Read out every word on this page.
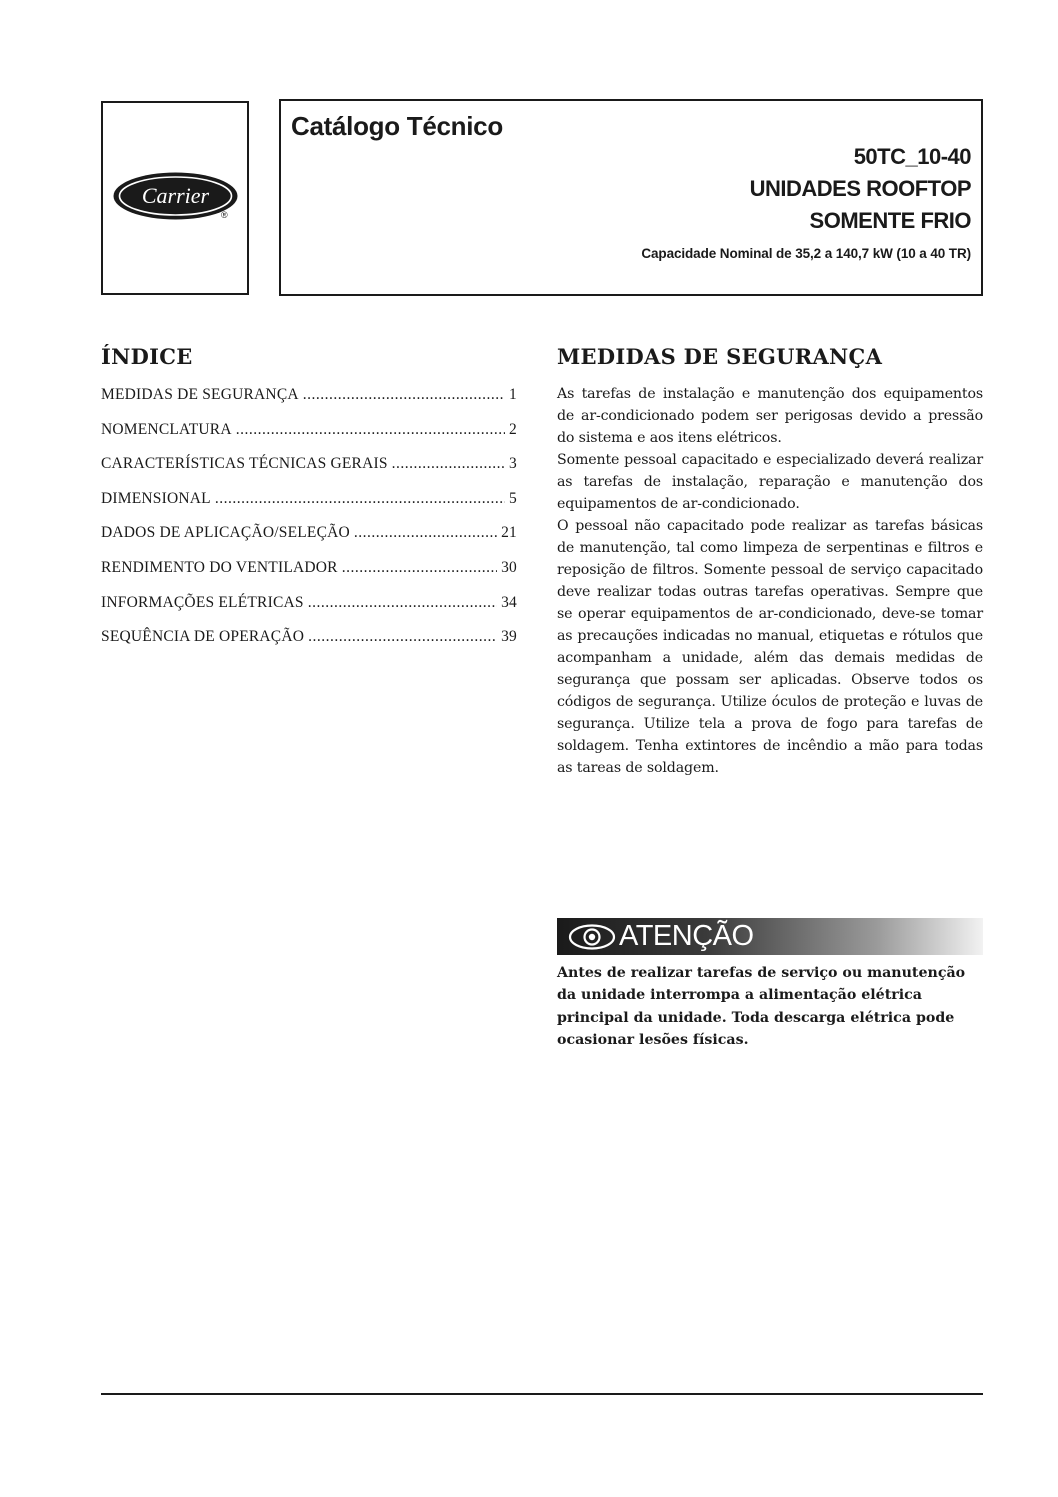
Carrier
®
Catálogo Técnico
50TC_10-40
UNIDADES ROOFTOP
SOMENTE FRIO
Capacidade Nominal de 35,2 a 140,7 kW (10 a 40 TR)
ÍNDICE
MEDIDAS DE SEGURANÇA .....	1
NOMENCLATURA .....	2
CARACTERÍSTICAS TÉCNICAS GERAIS .....	3
DIMENSIONAL .....	5
DADOS DE APLICAÇÃO/SELEÇÃO .....	21
RENDIMENTO DO VENTILADOR .....	30
INFORMAÇÕES ELÉTRICAS .....	34
SEQUÊNCIA DE OPERAÇÃO .....	39
MEDIDAS DE SEGURANÇA

As tarefas de instalação e manutenção dos equipamentos de ar-condicionado podem ser perigosas devido a pressão do sistema e aos itens elétricos.

Somente pessoal capacitado e especializado deverá realizar as tarefas de instalação, reparação e manutenção dos equipamentos de ar-condicionado.

O pessoal não capacitado pode realizar as tarefas básicas de manutenção, tal como limpeza de serpentinas e filtros e reposição de filtros. Somente pessoal de serviço capacitado deve realizar todas outras tarefas operativas. Sempre que se operar equipamentos de ar-condicionado, deve-se tomar as precauções indicadas no manual, etiquetas e rótulos que acompanham a unidade, além das demais medidas de segurança que possam ser aplicadas. Observe todos os códigos de segurança. Utilize óculos de proteção e luvas de segurança. Utilize tela a prova de fogo para tarefas de soldagem. Tenha extintores de incêndio a mão para todas as tareas de soldagem.

ATENÇÃO

Antes de realizar tarefas de serviço ou manutenção da unidade interrompa a alimentação elétrica principal da unidade. Toda descarga elétrica pode ocasionar lesões físicas.
